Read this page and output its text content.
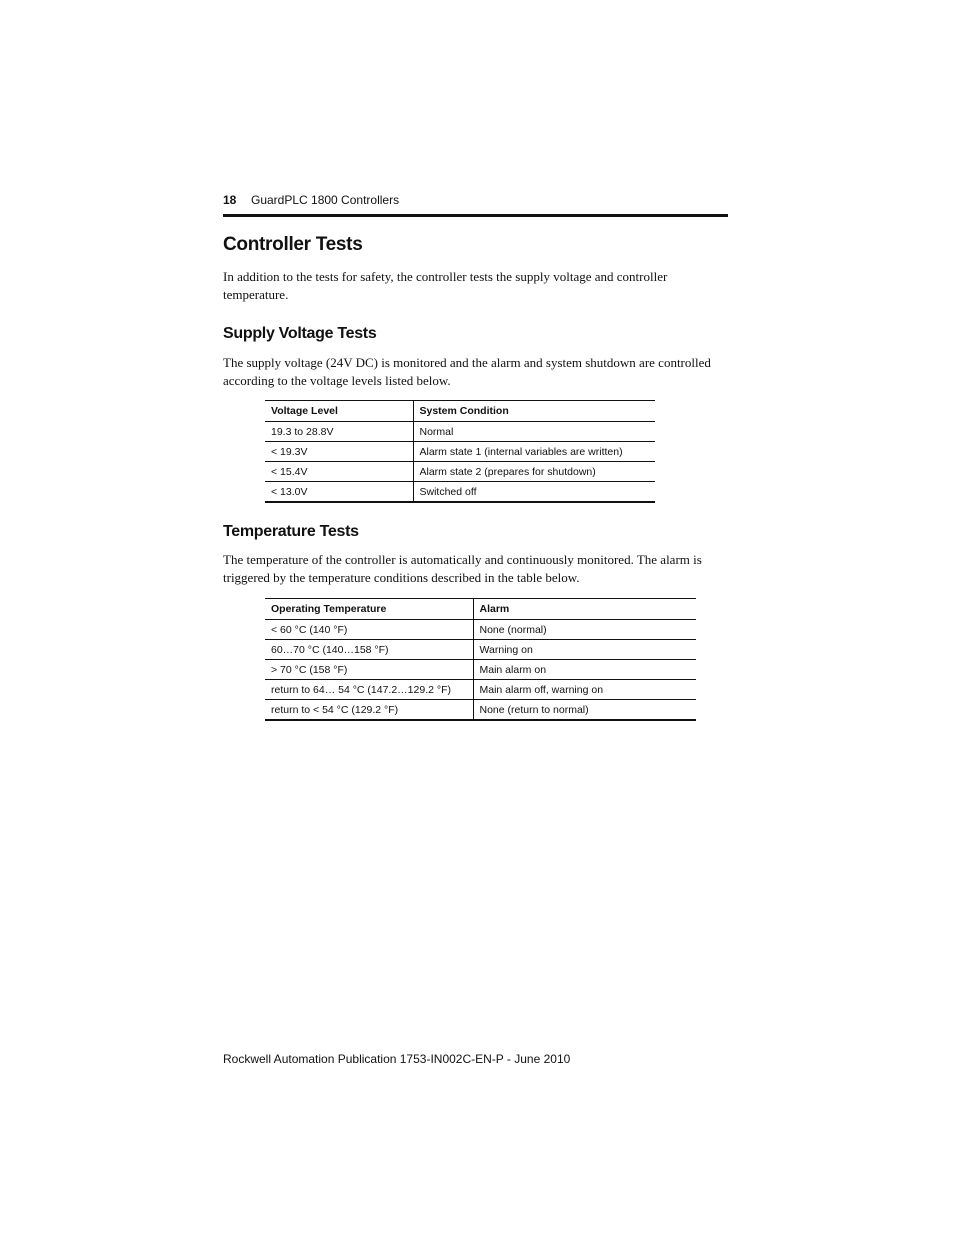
18 GuardPLC 1800 Controllers
Controller Tests

In addition to the tests for safety, the controller tests the supply voltage and controller temperature.

Supply Voltage Tests

The supply voltage (24V DC) is monitored and the alarm and system shutdown are controlled according to the voltage levels listed below.

Voltage Level	System Condition
19.3 to 28.8V	Normal
< 19.3V	Alarm state 1 (internal variables are written)
< 15.4V	Alarm state 2 (prepares for shutdown)
< 13.0V	Switched off
Temperature Tests

The temperature of the controller is automatically and continuously monitored. The alarm is triggered by the temperature conditions described in the table below.

Operating Temperature	Alarm
< 60 °C (140 °F)	None (normal)
60…70 °C (140…158 °F)	Warning on
> 70 °C (158 °F)	Main alarm on
return to 64… 54 °C (147.2…129.2 °F)	Main alarm off, warning on
return to < 54 °C (129.2 °F)	None (return to normal)
Rockwell Automation Publication 1753-IN002C-EN-P - June 2010
